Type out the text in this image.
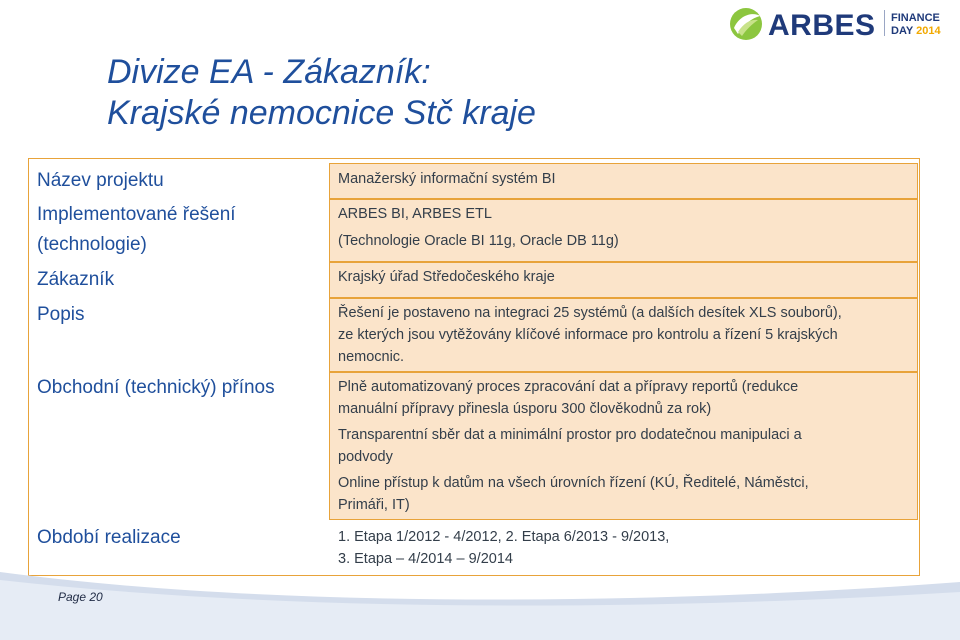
ARBES FINANCE
DAY 2014
Divize EA - Zákazník:
Krajské nemocnice Stč kraje
Název projektu
Implementované řešení
(technologie)
Zákazník
Popis
Obchodní (technický) přínos
Období realizace
Manažerský informační systém BI
ARBES BI, ARBES ETL
(Technologie Oracle BI 11g, Oracle DB 11g)
Krajský úřad Středočeského kraje
Řešení je postaveno na integraci 25 systémů (a dalších desítek XLS souborů),
ze kterých jsou vytěžovány klíčové informace pro kontrolu a řízení 5 krajských
nemocnic.
Plně automatizovaný proces zpracování dat a přípravy reportů (redukce
manuální přípravy přinesla úsporu 300 člověkodnů za rok)
Transparentní sběr dat a minimální prostor pro dodatečnou manipulaci a
podvody
Online přístup k datům na všech úrovních řízení (KÚ, Ředitelé, Náměstci,
Primáři, IT)
1. Etapa 1/2012 - 4/2012, 2. Etapa 6/2013 - 9/2013,
3. Etapa – 4/2014 – 9/2014
Page 20
